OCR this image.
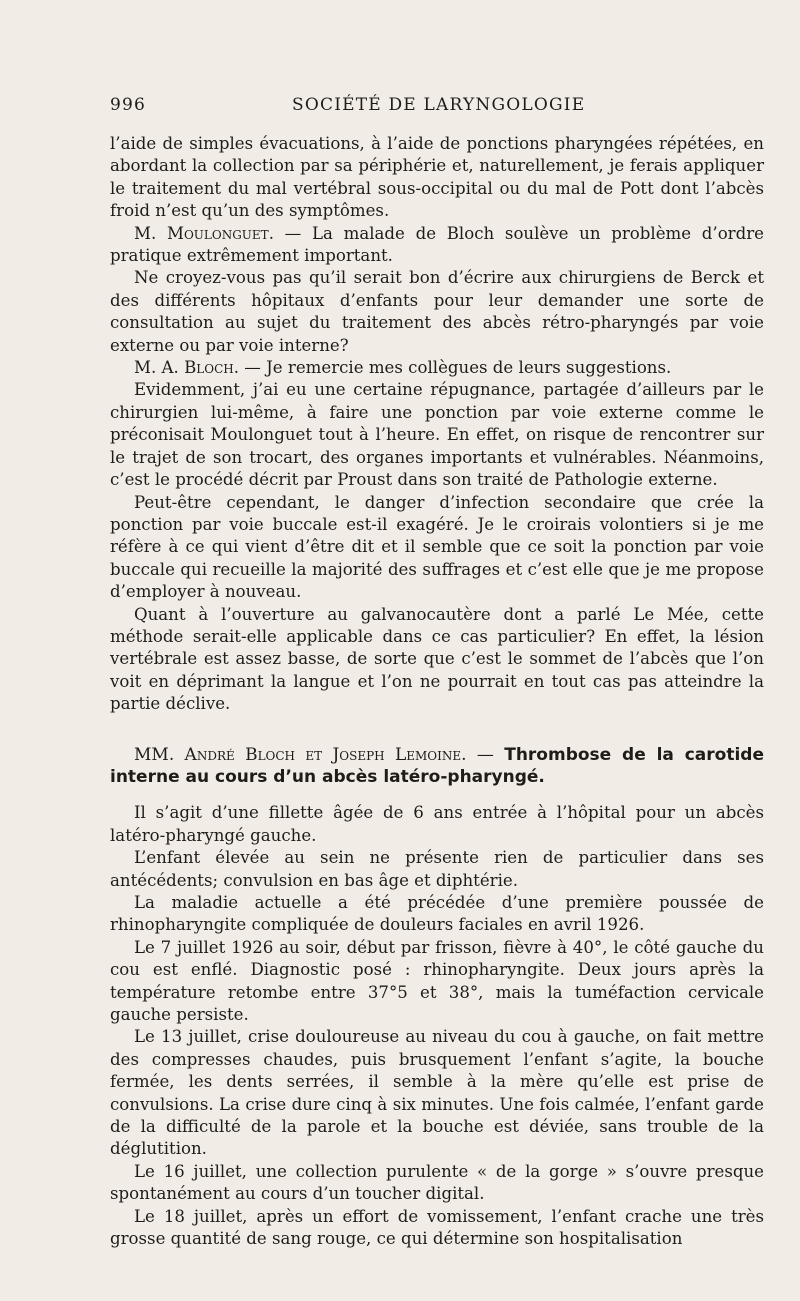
996	SOCIÉTÉ DE LARYNGOLOGIE

l’aide de simples évacuations, à l’aide de ponctions pharyngées répétées, en abordant la collection par sa périphérie et, naturellement, je ferais appliquer le traitement du mal vertébral sous-occipital ou du mal de Pott dont l’abcès froid n’est qu’un des symptômes.

M. Moulonguet. — La malade de Bloch soulève un problème d’ordre pratique extrêmement important.

Ne croyez-vous pas qu’il serait bon d’écrire aux chirurgiens de Berck et des différents hôpitaux d’enfants pour leur demander une sorte de consultation au sujet du traitement des abcès rétro-pharyngés par voie externe ou par voie interne?

M. A. Bloch. — Je remercie mes collègues de leurs suggestions.

Evidemment, j’ai eu une certaine répugnance, partagée d’ailleurs par le chirurgien lui-même, à faire une ponction par voie externe comme le préconisait Moulonguet tout à l’heure. En effet, on risque de rencontrer sur le trajet de son trocart, des organes importants et vulnérables. Néanmoins, c’est le procédé décrit par Proust dans son traité de Pathologie externe.

Peut-être cependant, le danger d’infection secondaire que crée la ponction par voie buccale est-il exagéré. Je le croirais volontiers si je me réfère à ce qui vient d’être dit et il semble que ce soit la ponction par voie buccale qui recueille la majorité des suffrages et c’est elle que je me propose d’employer à nouveau.

Quant à l’ouverture au galvanocautère dont a parlé Le Mée, cette méthode serait-elle applicable dans ce cas particulier? En effet, la lésion vertébrale est assez basse, de sorte que c’est le sommet de l’abcès que l’on voit en déprimant la langue et l’on ne pourrait en tout cas pas atteindre la partie déclive.

MM. André Bloch et Joseph Lemoine. — Thrombose de la carotide interne au cours d’un abcès latéro-pharyngé.

Il s’agit d’une fillette âgée de 6 ans entrée à l’hôpital pour un abcès latéro-pharyngé gauche.

L’enfant élevée au sein ne présente rien de particulier dans ses antécédents; convulsion en bas âge et diphtérie.

La maladie actuelle a été précédée d’une première poussée de rhinopharyngite compliquée de douleurs faciales en avril 1926.

Le 7 juillet 1926 au soir, début par frisson, fièvre à 40°, le côté gauche du cou est enflé. Diagnostic posé : rhinopharyngite. Deux jours après la température retombe entre 37°5 et 38°, mais la tuméfaction cervicale gauche persiste.

Le 13 juillet, crise douloureuse au niveau du cou à gauche, on fait mettre des compresses chaudes, puis brusquement l’enfant s’agite, la bouche fermée, les dents serrées, il semble à la mère qu’elle est prise de convulsions. La crise dure cinq à six minutes. Une fois calmée, l’enfant garde de la difficulté de la parole et la bouche est déviée, sans trouble de la déglutition.

Le 16 juillet, une collection purulente « de la gorge » s’ouvre presque spontanément au cours d’un toucher digital.

Le 18 juillet, après un effort de vomissement, l’enfant crache une très grosse quantité de sang rouge, ce qui détermine son hospitalisation
